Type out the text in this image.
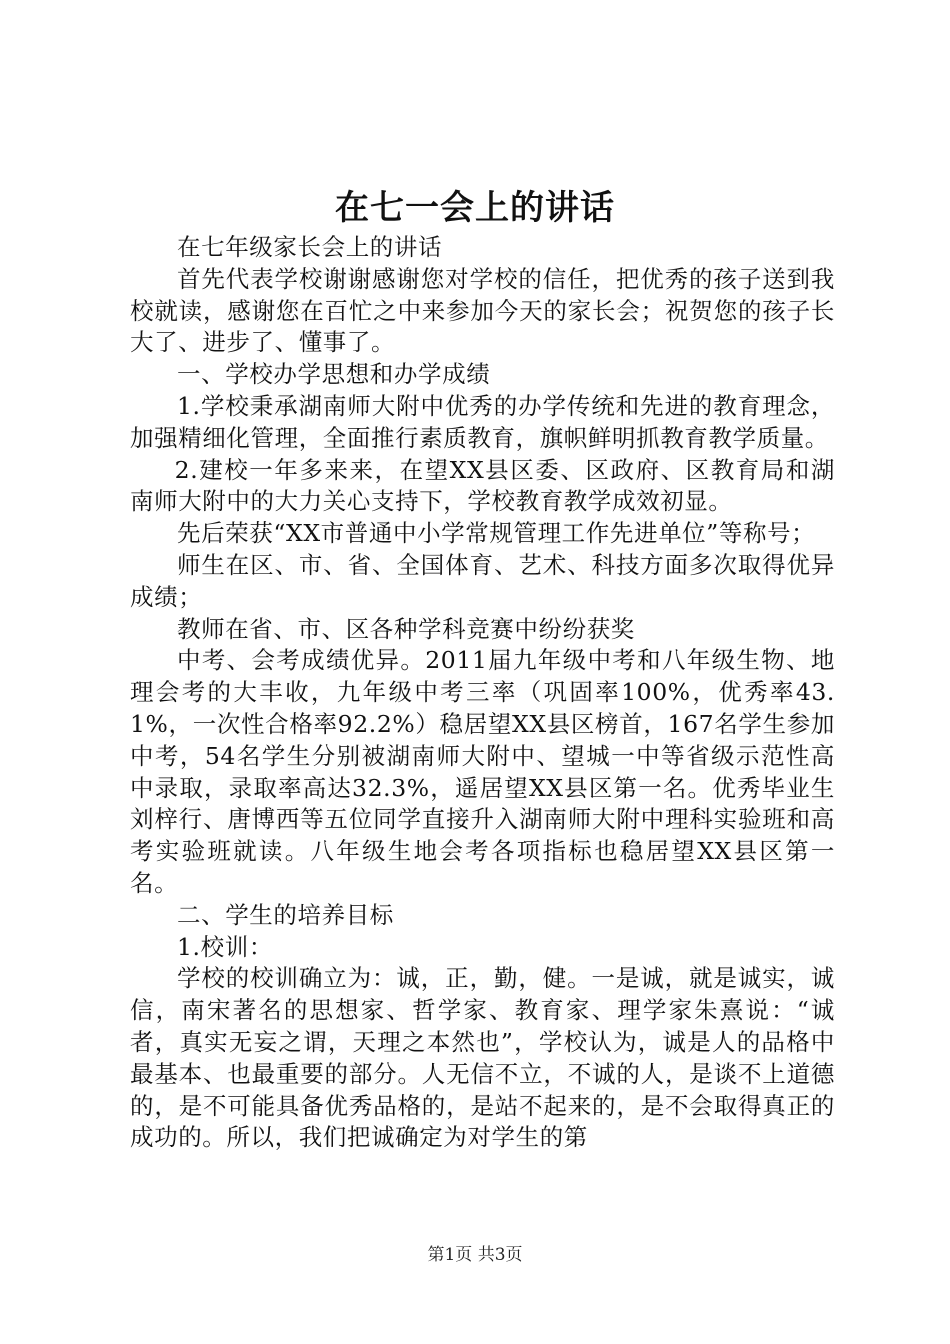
在七一会上的讲话

在七年级家长会上的讲话

首先代表学校谢谢感谢您对学校的信任，把优秀的孩子送到我校就读，感谢您在百忙之中来参加今天的家长会；祝贺您的孩子长大了、进步了、懂事了。

一、学校办学思想和办学成绩

1.学校秉承湖南师大附中优秀的办学传统和先进的教育理念，加强精细化管理，全面推行素质教育，旗帜鲜明抓教育教学质量。

2.建校一年多来来，在望XX县区委、区政府、区教育局和湖南师大附中的大力关心支持下，学校教育教学成效初显。

先后荣获“XX市普通中小学常规管理工作先进单位”等称号；

师生在区、市、省、全国体育、艺术、科技方面多次取得优异成绩；

教师在省、市、区各种学科竞赛中纷纷获奖

中考、会考成绩优异。2011届九年级中考和八年级生物、地理会考的大丰收，九年级中考三率（巩固率100%，优秀率43.1%，一次性合格率92.2%）稳居望XX县区榜首，167名学生参加中考，54名学生分别被湖南师大附中、望城一中等省级示范性高中录取，录取率高达32.3%，遥居望XX县区第一名。优秀毕业生刘梓行、唐博西等五位同学直接升入湖南师大附中理科实验班和高考实验班就读。八年级生地会考各项指标也稳居望XX县区第一名。

二、学生的培养目标

1.校训：

学校的校训确立为：诚，正，勤，健。一是诚，就是诚实，诚信，南宋著名的思想家、哲学家、教育家、理学家朱熹说：“诚者，真实无妄之谓，天理之本然也”，学校认为，诚是人的品格中最基本、也最重要的部分。人无信不立，不诚的人，是谈不上道德的，是不可能具备优秀品格的，是站不起来的，是不会取得真正的成功的。所以，我们把诚确定为对学生的第

第1页 共3页
